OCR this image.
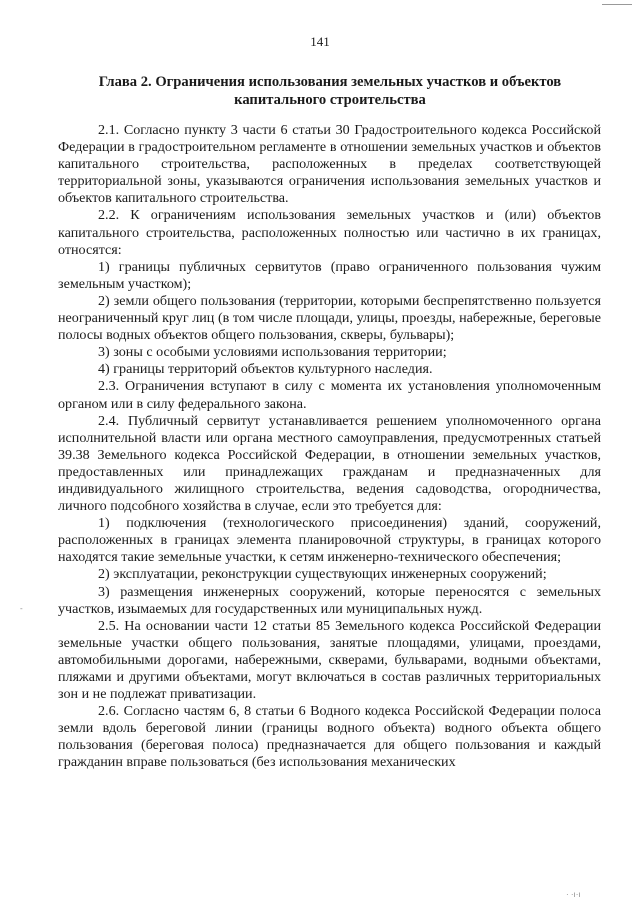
141
Глава 2. Ограничения использования земельных участков и объектов капитального строительства

2.1. Согласно пункту 3 части 6 статьи 30 Градостроительного кодекса Российской Федерации в градостроительном регламенте в отношении земельных участков и объектов капитального строительства, расположенных в пределах соответствующей территориальной зоны, указываются ограничения использования земельных участков и объектов капитального строительства.

2.2. К ограничениям использования земельных участков и (или) объектов капитального строительства, расположенных полностью или частично в их границах, относятся:

1) границы публичных сервитутов (право ограниченного пользования чужим земельным участком);

2) земли общего пользования (территории, которыми беспрепятственно пользуется неограниченный круг лиц (в том числе площади, улицы, проезды, набережные, береговые полосы водных объектов общего пользования, скверы, бульвары);

3) зоны с особыми условиями использования территории;

4) границы территорий объектов культурного наследия.

2.3. Ограничения вступают в силу с момента их установления уполномоченным органом или в силу федерального закона.

2.4. Публичный сервитут устанавливается решением уполномоченного органа исполнительной власти или органа местного самоуправления, предусмотренных статьей 39.38 Земельного кодекса Российской Федерации, в отношении земельных участков, предоставленных или принадлежащих гражданам и предназначенных для индивидуального жилищного строительства, ведения садоводства, огородничества, личного подсобного хозяйства в случае, если это требуется для:

1) подключения (технологического присоединения) зданий, сооружений, расположенных в границах элемента планировочной структуры, в границах которого находятся такие земельные участки, к сетям инженерно-технического обеспечения;

2) эксплуатации, реконструкции существующих инженерных сооружений;

3) размещения инженерных сооружений, которые переносятся с земельных участков, изымаемых для государственных или муниципальных нужд.

2.5. На основании части 12 статьи 85 Земельного кодекса Российской Федерации земельные участки общего пользования, занятые площадями, улицами, проездами, автомобильными дорогами, набережными, скверами, бульварами, водными объектами, пляжами и другими объектами, могут включаться в состав различных территориальных зон и не подлежат приватизации.

2.6. Согласно частям 6, 8 статьи 6 Водного кодекса Российской Федерации полоса земли вдоль береговой линии (границы водного объекта) водного объекта общего пользования (береговая полоса) предназначается для общего пользования и каждый гражданин вправе пользоваться (без использования механических

-
· ·ı·ı
